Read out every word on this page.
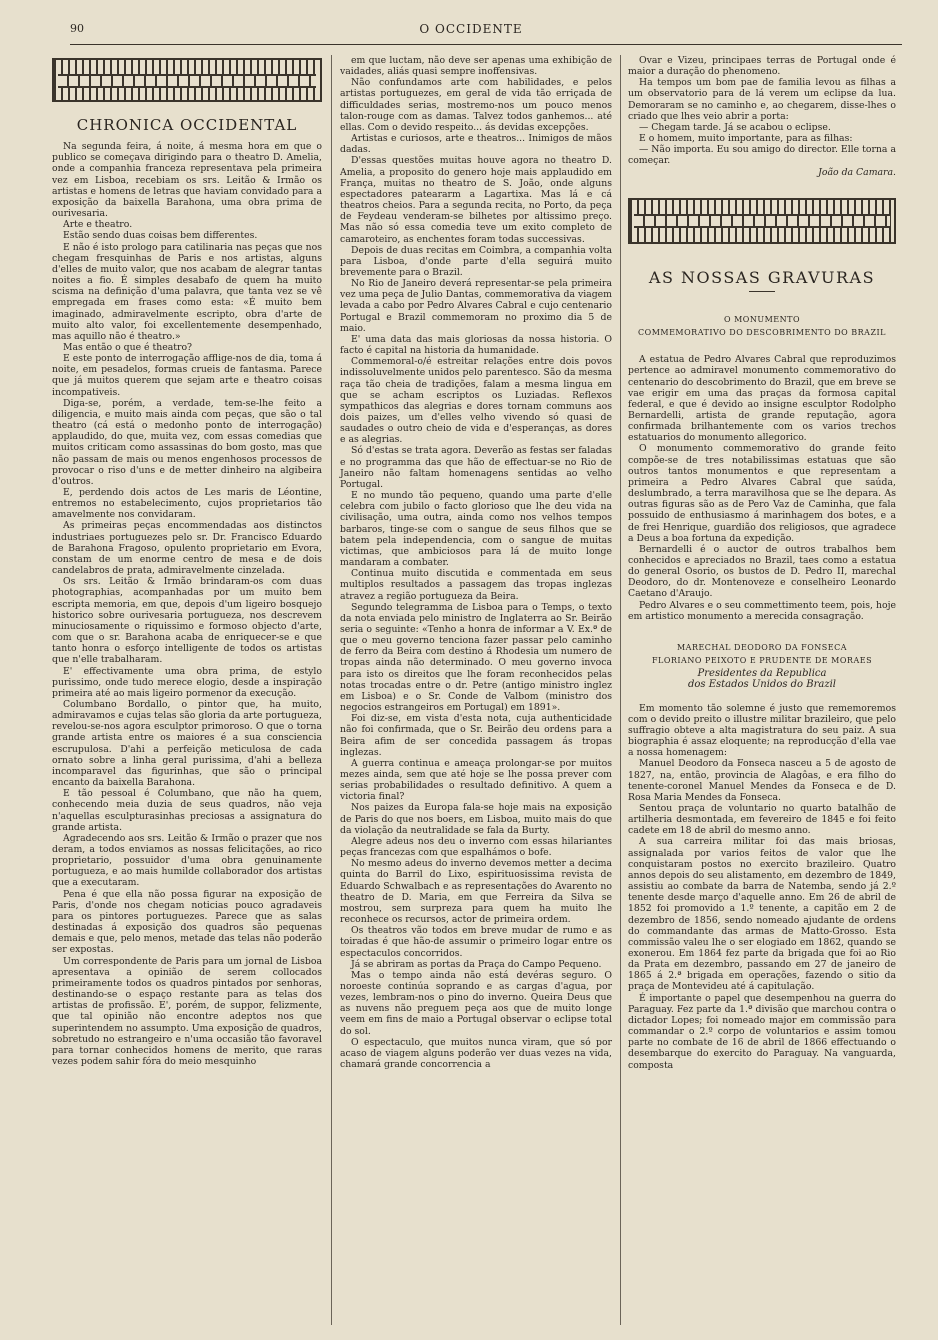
90	O OCCIDENTE
CHRONICA OCCIDENTAL

Na segunda feira, á noite, á mesma hora em que o publico se começava dirigindo para o theatro D. Amelia, onde a companhia franceza representava pela primeira vez em Lisboa, recebiam os srs. Leitão & Irmão os artistas e homens de letras que haviam convidado para a exposição da baixella Barahona, uma obra prima de ourivesaria.

Arte e theatro.

Estão sendo duas coisas bem differentes.

E não é isto prologo para catilinaria nas peças que nos chegam fresquinhas de Paris e nos artistas, alguns d'elles de muito valor, que nos acabam de alegrar tantas noites a fio. É simples desabafo de quem ha muito scisma na definição d'uma palavra, que tanta vez se vê empregada em frases como esta: «É muito bem imaginado, admiravelmente escripto, obra d'arte de muito alto valor, foi excellentemente desempenhado, mas aquillo não é theatro.»

Mas então o que é theatro?

E este ponto de interrogação afflige-nos de dia, toma á noite, em pesadelos, formas crueis de fantasma. Parece que já muitos querem que sejam arte e theatro coisas incompativeis.

Diga-se, porém, a verdade, tem-se-lhe feito a diligencia, e muito mais ainda com peças, que são o tal theatro (cá está o medonho ponto de interrogação) applaudido, do que, muita vez, com essas comedias que muitos criticam como assassinas do bom gosto, mas que não passam de mais ou menos engenhosos processos de provocar o riso d'uns e de metter dinheiro na algibeira d'outros.

E, perdendo dois actos de Les maris de Léontine, entremos no estabelecimento, cujos proprietarios tão amavelmente nos convidaram.

As primeiras peças encommendadas aos distinctos industriaes portuguezes pelo sr. Dr. Francisco Eduardo de Barahona Fragoso, opulento proprietario em Evora, constam de um enorme centro de mesa e de dois candelabros de prata, admiravelmente cinzelada.

Os srs. Leitão & Irmão brindaram-os com duas photographias, acompanhadas por um muito bem escripta memoria, em que, depois d'um ligeiro bosquejo historico sobre ourivesaria portugueza, nos descrevem minuciosamente o riquissimo e formoso objecto d'arte, com que o sr. Barahona acaba de enriquecer-se e que tanto honra o esforço intelligente de todos os artistas que n'elle trabalharam.

E' effectivamente uma obra prima, de estylo purissimo, onde tudo merece elogio, desde a inspiração primeira até ao mais ligeiro pormenor da execução.

Columbano Bordallo, o pintor que, ha muito, admiravamos e cujas telas são gloria da arte portugueza, revelou-se-nos agora esculptor primoroso. O que o torna grande artista entre os maiores é a sua consciencia escrupulosa. D'ahi a perfeição meticulosa de cada ornato sobre a linha geral purissima, d'ahi a belleza incomparavel das figurinhas, que são o principal encanto da baixella Barahona.

E tão pessoal é Columbano, que não ha quem, conhecendo meia duzia de seus quadros, não veja n'aquellas esculpturasinhas preciosas a assignatura do grande artista.

Agradecendo aos srs. Leitão & Irmão o prazer que nos deram, a todos enviamos as nossas felicitações, ao rico proprietario, possuidor d'uma obra genuinamente portugueza, e ao mais humilde collaborador dos artistas que a executaram.

Pena é que ella não possa figurar na exposição de Paris, d'onde nos chegam noticias pouco agradaveis para os pintores portuguezes. Parece que as salas destinadas á exposição dos quadros são pequenas demais e que, pelo menos, metade das telas não poderão ser expostas.

Um correspondente de Paris para um jornal de Lisboa apresentava a opinião de serem collocados primeiramente todos os quadros pintados por senhoras, destinando-se o espaço restante para as telas dos artistas de profissão. E', porém, de suppor, felizmente, que tal opinião não encontre adeptos nos que superintendem no assumpto. Uma exposição de quadros, sobretudo no estrangeiro e n'uma occasião tão favoravel para tornar conhecidos homens de merito, que raras vezes podem sahir fóra do meio mesquinho

em que luctam, não deve ser apenas uma exhibição de vaidades, aliás quasi sempre inoffensivas.

Não confundamos arte com habilidades, e pelos artistas portuguezes, em geral de vida tão erriçada de difficuldades serias, mostremo-nos um pouco menos talon-rouge com as damas. Talvez todos ganhemos... até ellas. Com o devido respeito... ás devidas excepções.

Artistas e curiosos, arte e theatros... Inimigos de mãos dadas.

D'essas questões muitas houve agora no theatro D. Amelia, a proposito do genero hoje mais applaudido em França, muitas no theatro de S. João, onde alguns espectadores pateararm a Lagartixa. Mas lá e cá theatros cheios. Para a segunda recita, no Porto, da peça de Feydeau venderam-se bilhetes por altissimo preço. Mas não só essa comedia teve um exito completo de camaroteiro, as enchentes foram todas successivas.

Depois de duas recitas em Coimbra, a companhia volta para Lisboa, d'onde parte d'ella seguirá muito brevemente para o Brazil.

No Rio de Janeiro deverá representar-se pela primeira vez uma peça de Julio Dantas, commemorativa da viagem levada a cabo por Pedro Alvares Cabral e cujo centenario Portugal e Brazil commemoram no proximo dia 5 de maio.

E' uma data das mais gloriosas da nossa historia. O facto é capital na historia da humanidade.

Commemoral-o/é estreitar relações entre dois povos indissoluvelmente unidos pelo parentesco. São da mesma raça tão cheia de tradições, falam a mesma lingua em que se acham escriptos os Luziadas. Reflexos sympathicos das alegrias e dores tornam communs aos dois paizes, um d'elles velho vivendo só quasi de saudades o outro cheio de vida e d'esperanças, as dores e as alegrias.

Só d'estas se trata agora. Deverão as festas ser faladas e no programma das que hão de effectuar-se no Rio de Janeiro não faltam homenagens sentidas ao velho Portugal.

E no mundo tão pequeno, quando uma parte d'elle celebra com jubilo o facto glorioso que lhe deu vida na civilisação, uma outra, ainda como nos velhos tempos barbaros, tinge-se com o sangue de seus filhos que se batem pela independencia, com o sangue de muitas victimas, que ambiciosos para lá de muito longe mandaram a combater.

Continua muito discutida e commentada em seus multiplos resultados a passagem das tropas inglezas atravez a região portugueza da Beira.

Segundo telegramma de Lisboa para o Temps, o texto da nota enviada pelo ministro de Inglaterra ao Sr. Beirão seria o seguinte: «Tenho a honra de informar a V. Ex.ª de que o meu governo tenciona fazer passar pelo caminho de ferro da Beira com destino á Rhodesia um numero de tropas ainda não determinado. O meu governo invoca para isto os direitos que lhe foram reconhecidos pelas notas trocadas entre o dr. Petre (antigo ministro inglez em Lisboa) e o Sr. Conde de Valbom (ministro dos negocios estrangeiros em Portugal) em 1891».

Foi diz-se, em vista d'esta nota, cuja authenticidade não foi confirmada, que o Sr. Beirão deu ordens para a Beira afim de ser concedida passagem ás tropas inglezas.

A guerra continua e ameaça prolongar-se por muitos mezes ainda, sem que até hoje se lhe possa prever com serias probabilidades o resultado definitivo. A quem a victoria final?

Nos paizes da Europa fala-se hoje mais na exposição de Paris do que nos boers, em Lisboa, muito mais do que da violação da neutralidade se fala da Burty.

Alegre adeus nos deu o inverno com essas hilariantes peças francezas com que espalhámos o bofe.

No mesmo adeus do inverno devemos metter a decima quinta do Barril do Lixo, espirituosissima revista de Eduardo Schwalbach e as representações do Avarento no theatro de D. Maria, em que Ferreira da Silva se mostrou, sem surpreza para quem ha muito lhe reconhece os recursos, actor de primeira ordem.

Os theatros vão todos em breve mudar de rumo e as toiradas é que hão-de assumir o primeiro logar entre os espectaculos concorridos.

Já se abriram as portas da Praça do Campo Pequeno.

Mas o tempo ainda não está devéras seguro. O noroeste continúa soprando e as cargas d'agua, por vezes, lembram-nos o pino do inverno. Queira Deus que as nuvens não preguem peça aos que de muito longe veem em fins de maio a Portugal observar o eclipse total do sol.

O espectaculo, que muitos nunca viram, que só por acaso de viagem alguns poderão ver duas vezes na vida, chamará grande concorrencia a

Ovar e Vizeu, principaes terras de Portugal onde é maior a duração do phenomeno.

Ha tempos um bom pae de familia levou as filhas a um observatorio para de lá verem um eclipse da lua. Demoraram se no caminho e, ao chegarem, disse-lhes o criado que lhes veio abrir a porta:

— Chegam tarde. Já se acabou o eclipse.

E o homem, muito importante, para as filhas:

— Não importa. Eu sou amigo do director. Elle torna a começar.

João da Camara.

AS NOSSAS GRAVURAS
O MONUMENTO
COMMEMORATIVO DO DESCOBRIMENTO DO BRAZIL

A estatua de Pedro Alvares Cabral que reproduzimos pertence ao admiravel monumento commemorativo do centenario do descobrimento do Brazil, que em breve se vae erigir em uma das praças da formosa capital federal, e que é devido ao insigne esculptor Rodolpho Bernardelli, artista de grande reputação, agora confirmada brilhantemente com os varios trechos estatuarios do monumento allegorico.

O monumento commemorativo do grande feito compõe-se de tres notabilissimas estatuas que são outros tantos monumentos e que representam a primeira a Pedro Alvares Cabral que saúda, deslumbrado, a terra maravilhosa que se lhe depara. As outras figuras são as de Pero Vaz de Caminha, que fala possuido de enthusiasmo á marinhagem dos botes, e a de frei Henrique, guardião dos religiosos, que agradece a Deus a boa fortuna da expedição.

Bernardelli é o auctor de outros trabalhos bem conhecidos e apreciados no Brazil, taes como a estatua do general Osorio, os bustos de D. Pedro II, marechal Deodoro, do dr. Montenoveze e conselheiro Leonardo Caetano d'Araujo.

Pedro Alvares e o seu commettimento teem, pois, hoje em artistico monumento a merecida consagração.

MARECHAL DEODORO DA FONSECA
FLORIANO PEIXOTO E PRUDENTE DE MORAES
Presidentes da Republica
dos Estados Unidos do Brazil

Em momento tão solemne é justo que rememoremos com o devido preito o illustre militar brazileiro, que pelo suffragio obteve a alta magistratura do seu paiz. A sua biographia é assaz eloquente; na reproducção d'ella vae a nossa homenagem:

Manuel Deodoro da Fonseca nasceu a 5 de agosto de 1827, na, então, provincia de Alagôas, e era filho do tenente-coronel Manuel Mendes da Fonseca e de D. Rosa Maria Mendes da Fonseca.

Sentou praça de voluntario no quarto batalhão de artilheria desmontada, em fevereiro de 1845 e foi feito cadete em 18 de abril do mesmo anno.

A sua carreira militar foi das mais briosas, assignalada por varios feitos de valor que lhe conquistaram postos no exercito brazileiro. Quatro annos depois do seu alistamento, em dezembro de 1849, assistiu ao combate da barra de Natemba, sendo já 2.º tenente desde março d'aquelle anno. Em 26 de abril de 1852 foi promovido a 1.º tenente, a capitão em 2 de dezembro de 1856, sendo nomeado ajudante de ordens do commandante das armas de Matto-Grosso. Esta commissão valeu lhe o ser elogiado em 1862, quando se exonerou. Em 1864 fez parte da brigada que foi ao Rio da Prata em dezembro, passando em 27 de janeiro de 1865 á 2.ª brigada em operações, fazendo o sitio da praça de Montevideu até á capitulação.

É importante o papel que desempenhou na guerra do Paraguay. Fez parte da 1.ª divisão que marchou contra o dictador Lopes; foi nomeado major em commissão para commandar o 2.º corpo de voluntarios e assim tomou parte no combate de 16 de abril de 1866 effectuando o desembarque do exercito do Paraguay. Na vanguarda, composta
